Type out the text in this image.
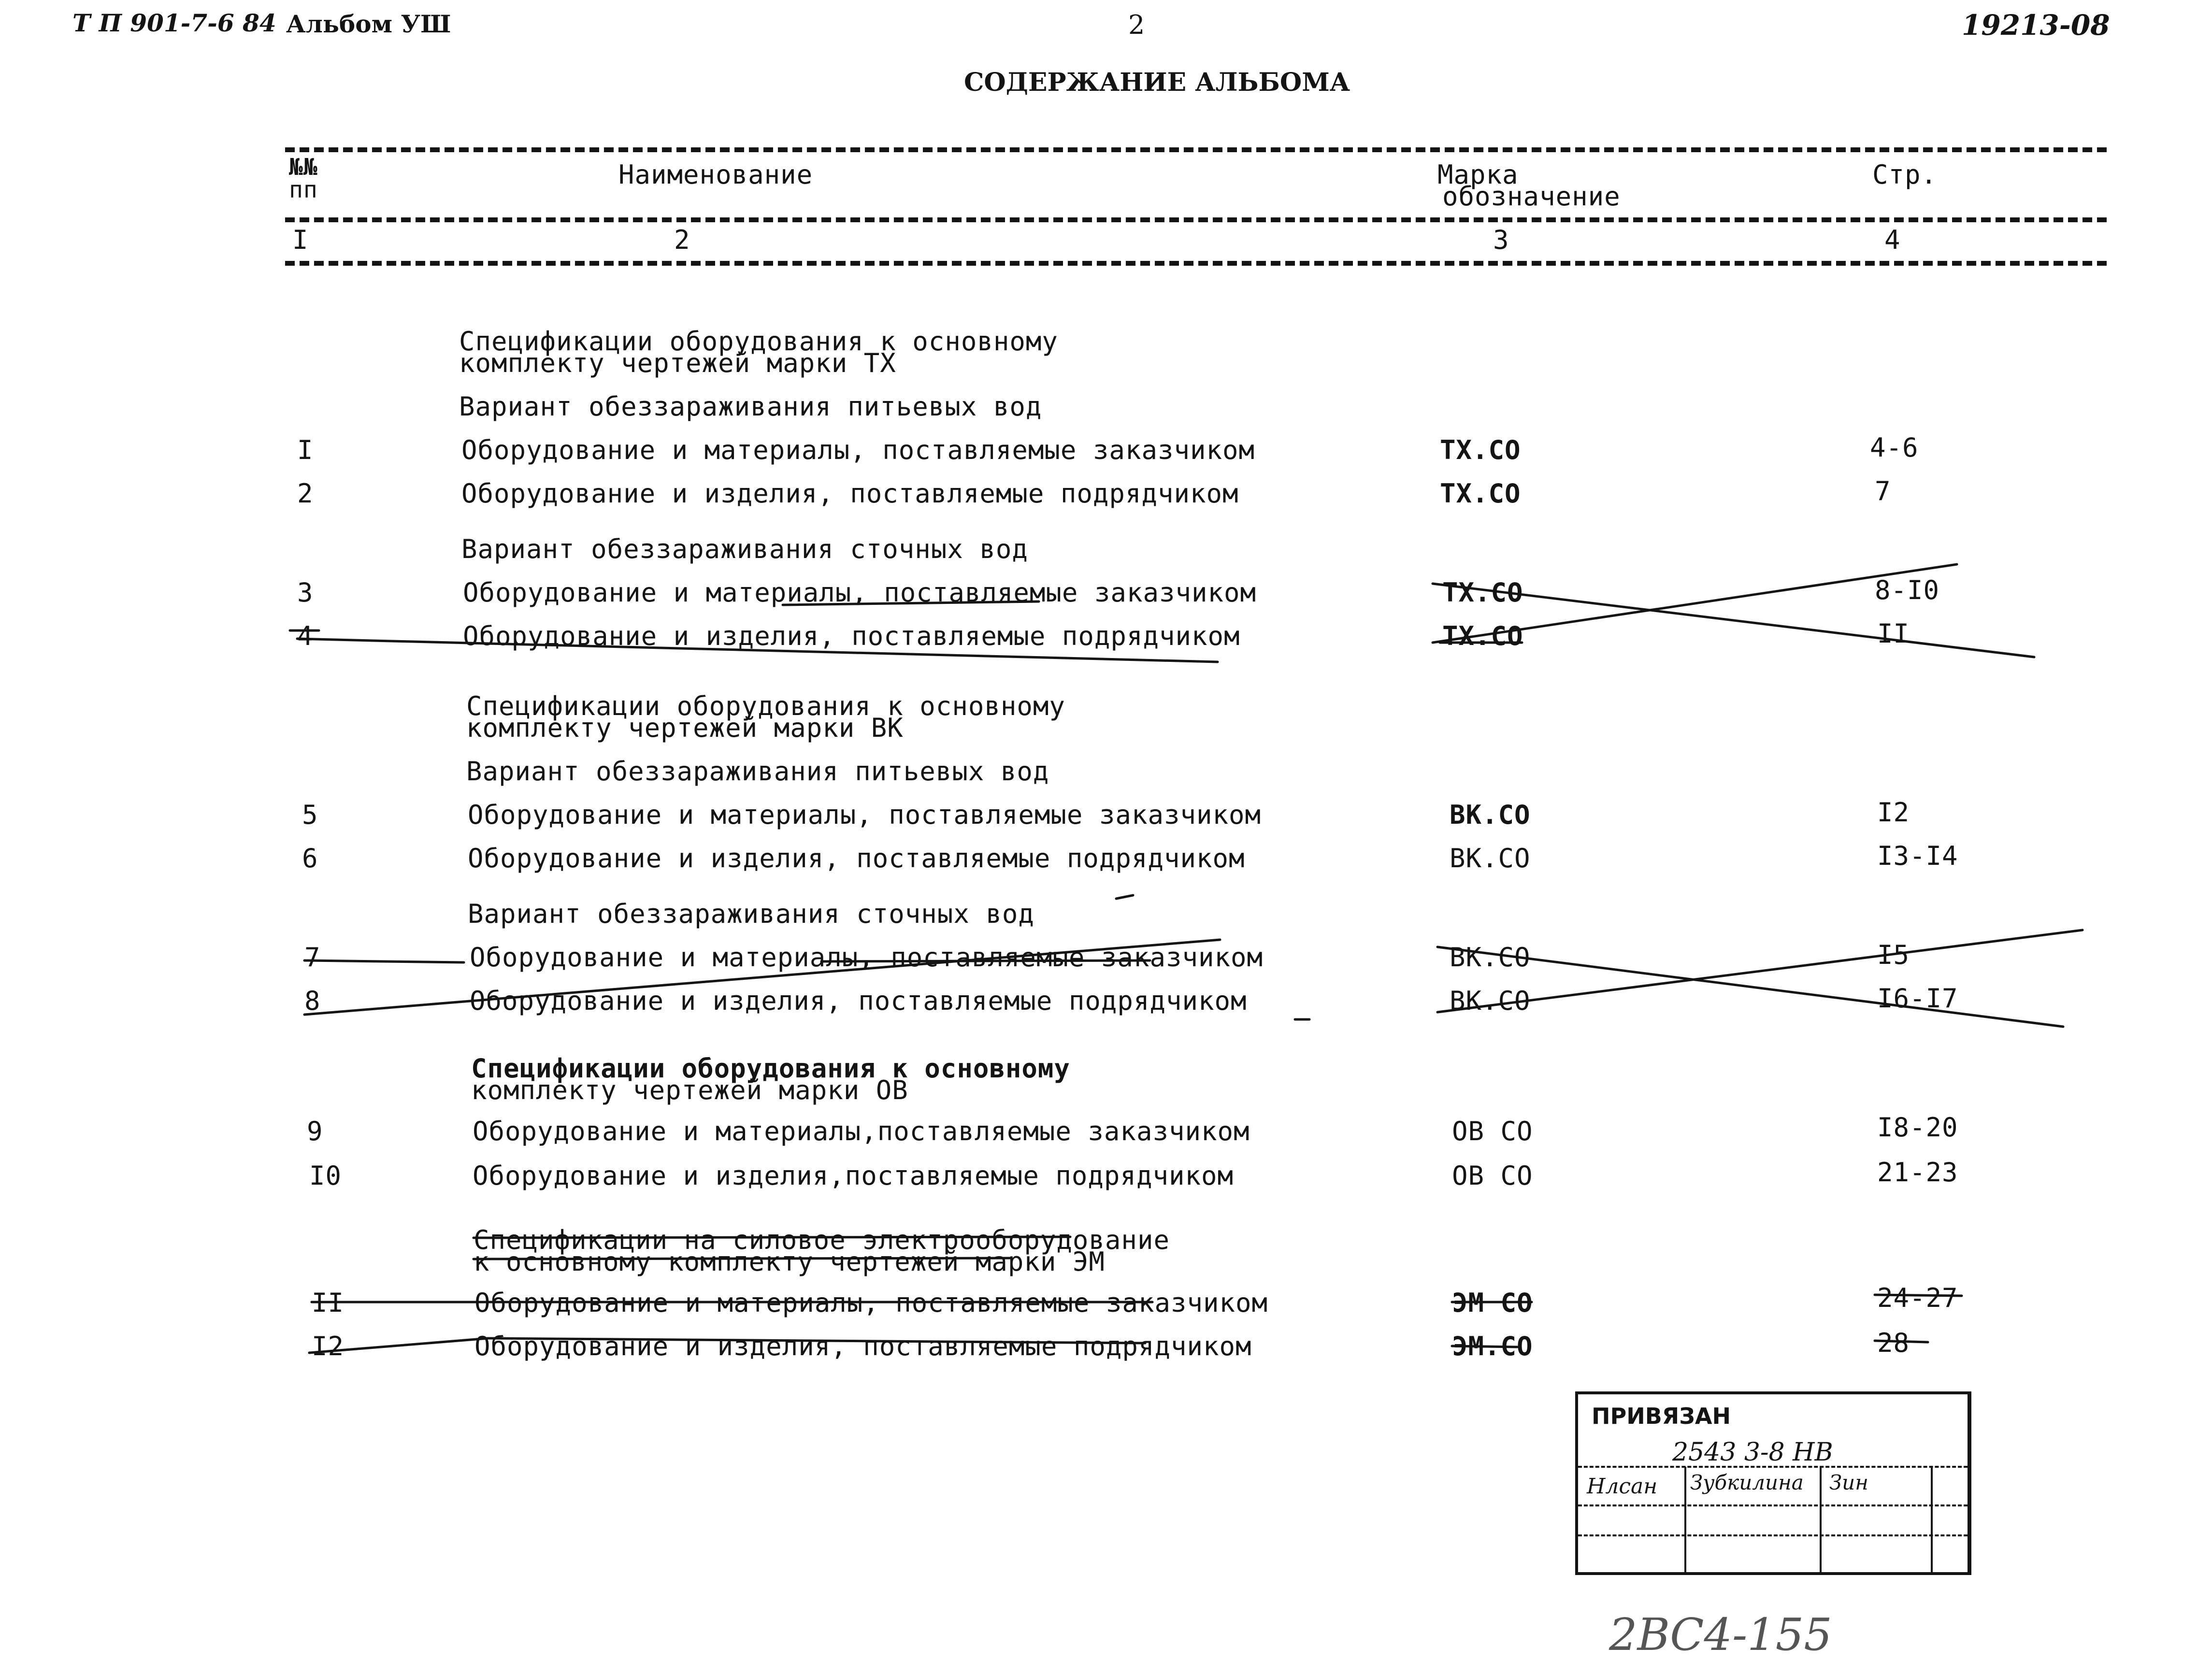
Т П 901-7-6 84 Альбом УШ	2	19213-08
СОДЕРЖАНИЕ АЛЬБОМА
№№
пп	Наименование	Марка
обозначение
Стр.
I	2	3	4
Спецификации оборудования к основному
комплекту чертежей марки ТХ
Вариант обеззараживания питьевых вод
I	Оборудование и материалы, поставляемые заказчиком	ТХ.СО	4-6
2	Оборудование и изделия, поставляемые подрядчиком	ТХ.СО	7
Вариант обеззараживания сточных вод
3	Оборудование и материалы, поставляемые заказчиком	ТХ.СО	8-I0
4	Оборудование и изделия, поставляемые подрядчиком	ТХ.СО	II
Спецификации оборудования к основному
комплекту чертежей марки ВК
Вариант обеззараживания питьевых вод
5	Оборудование и материалы, поставляемые заказчиком	ВК.СО	I2
6	Оборудование и изделия, поставляемые подрядчиком	ВК.СО	I3-I4
Вариант обеззараживания сточных вод
7	Оборудование и материалы, поставляемые заказчиком	ВК.СО	I5
8	Оборудование и изделия, поставляемые подрядчиком	ВК.СО	I6-I7
Спецификации оборудования к основному
комплекту чертежей марки ОВ
9	Оборудование и материалы,поставляемые заказчиком	ОВ СО	I8-20
I0	Оборудование и изделия,поставляемые подрядчиком	ОВ СО	21-23
Спецификации на силовое электрооборудование
к основному комплекту чертежей марки ЭМ
II	Оборудование и материалы, поставляемые заказчиком	ЭМ СО	24-27
I2	Оборудование и изделия, поставляемые подрядчиком	ЭМ.СО	28
ПРИВЯЗАН
2543 3-8 НВ
Нлсан Зубкилина Зин
2ВС4-155
